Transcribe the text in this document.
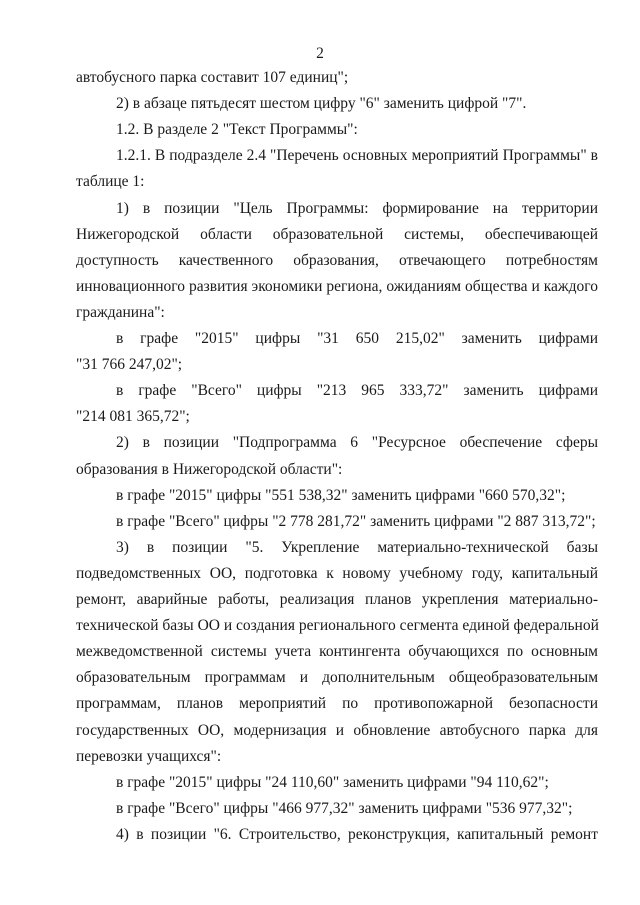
2
автобусного парка составит 107 единиц";
2) в абзаце пятьдесят шестом цифру "6" заменить цифрой "7".
1.2. В разделе 2 "Текст Программы":
1.2.1. В подразделе 2.4 "Перечень основных мероприятий Программы" в
таблице 1:
1) в позиции "Цель Программы: формирование на территории
Нижегородской области образовательной системы, обеспечивающей
доступность качественного образования, отвечающего потребностям
инновационного развития экономики региона, ожиданиям общества и каждого
гражданина":
в графе "2015" цифры "31 650 215,02" заменить цифрами
"31 766 247,02";
в графе "Всего" цифры "213 965 333,72" заменить цифрами
"214 081 365,72";
2) в позиции "Подпрограмма 6 "Ресурсное обеспечение сферы
образования в Нижегородской области":
в графе "2015" цифры "551 538,32" заменить цифрами "660 570,32";
в графе "Всего" цифры "2 778 281,72" заменить цифрами "2 887 313,72";
3) в позиции "5. Укрепление материально-технической базы
подведомственных ОО, подготовка к новому учебному году, капитальный
ремонт, аварийные работы, реализация планов укрепления материально-
технической базы ОО и создания регионального сегмента единой федеральной
межведомственной системы учета контингента обучающихся по основным
образовательным программам и дополнительным общеобразовательным
программам, планов мероприятий по противопожарной безопасности
государственных ОО, модернизация и обновление автобусного парка для
перевозки учащихся":
в графе "2015" цифры "24 110,60" заменить цифрами "94 110,62";
в графе "Всего" цифры "466 977,32" заменить цифрами "536 977,32";
4) в позиции "6. Строительство, реконструкция, капитальный ремонт
